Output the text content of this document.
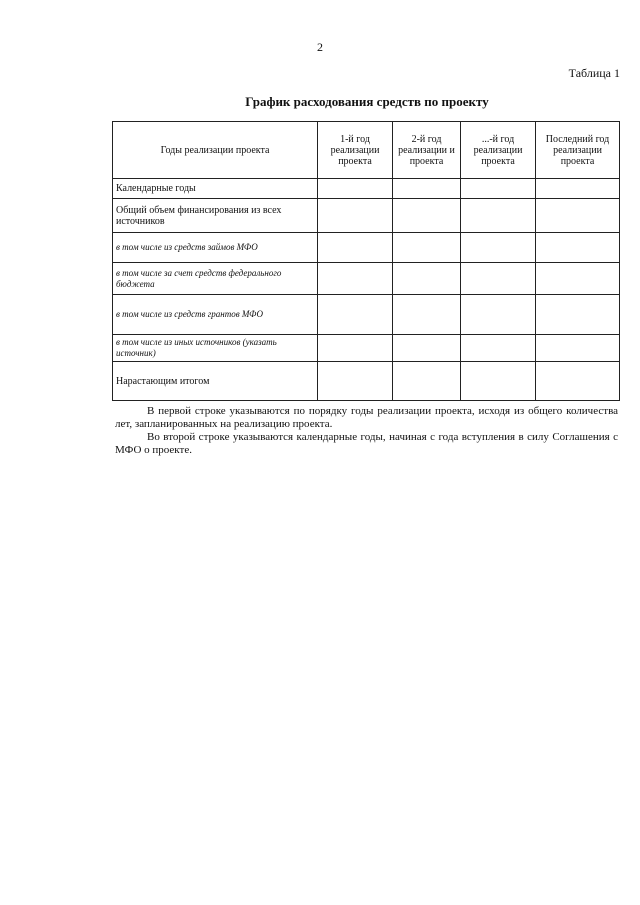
2
Таблица 1
График расходования средств по проекту
Годы реализации проекта	1-й год реализации проекта	2-й год реализации и проекта	...-й год реализации проекта	Последний год реализации проекта
Календарные годы				
Общий объем финансирования из всех источников				
в том числе из средств займов МФО				
в том числе за счет средств федерального бюджета				
в том числе из средств грантов МФО				
в том числе из иных источников (указать источник)				
Нарастающим итогом				

В первой строке указываются по порядку годы реализации проекта, исходя из общего количества лет, запланированных на реализацию проекта.

Во второй строке указываются календарные годы, начиная с года вступления в силу Соглашения с МФО о проекте.
